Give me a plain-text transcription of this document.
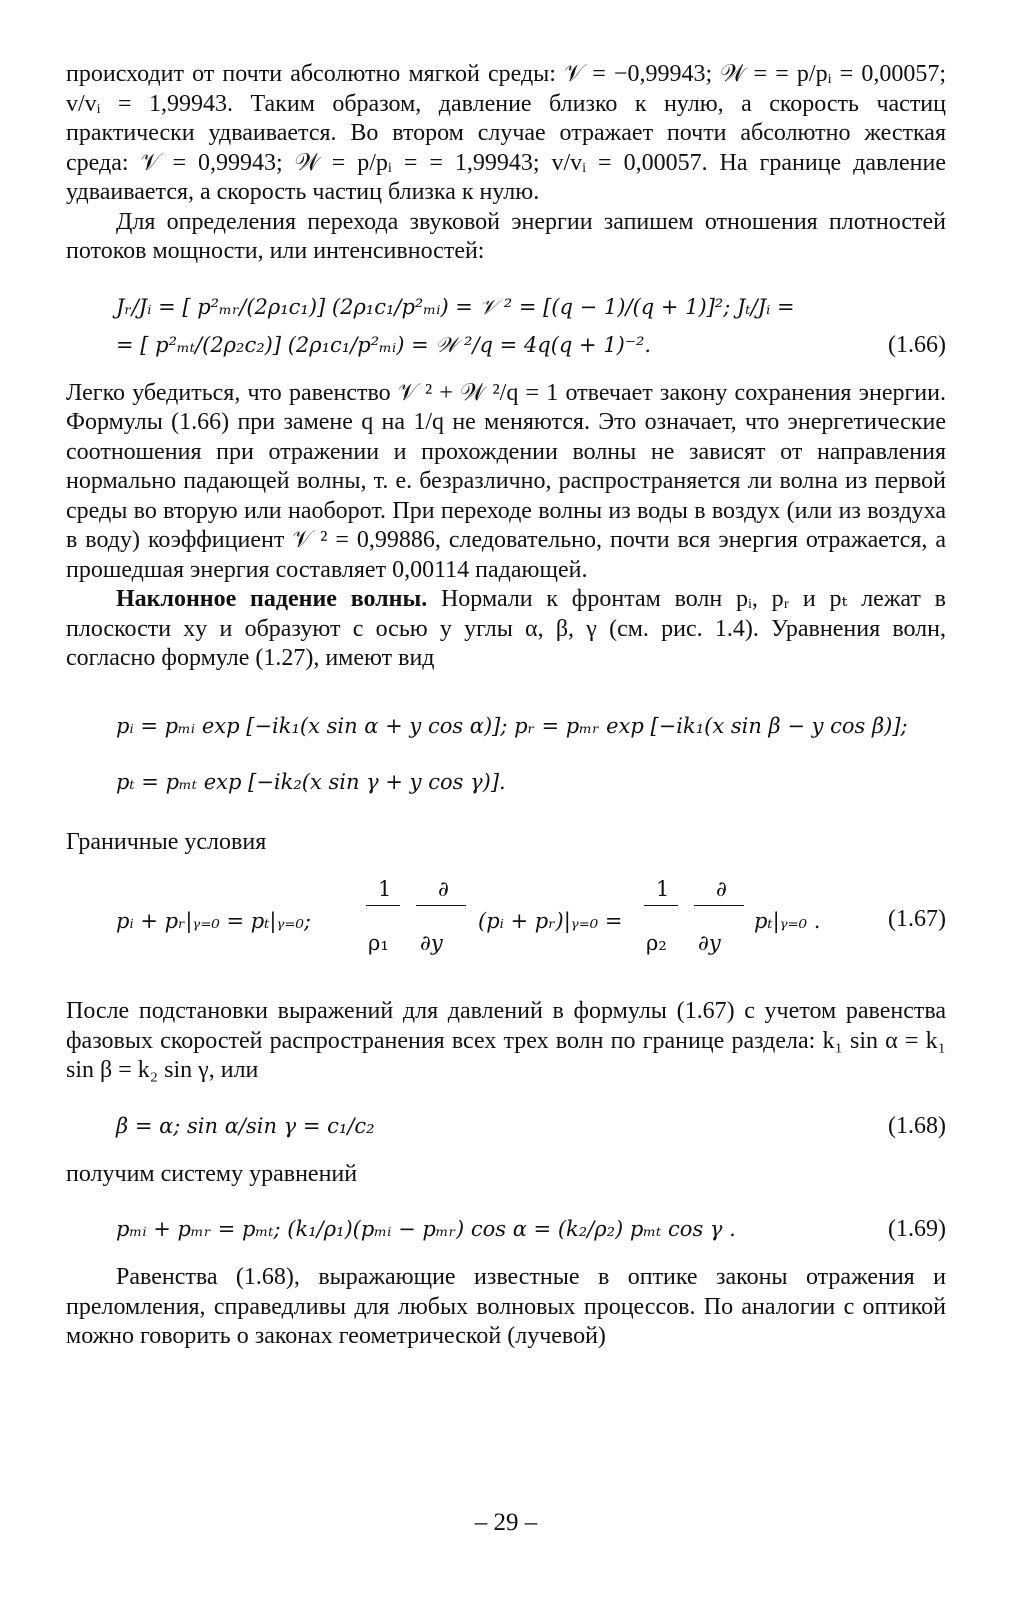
происходит от почти абсолютно мягкой среды: 𝒱 = −0,99943; 𝒲 = = p/pᵢ = 0,00057; v/vᵢ = 1,99943. Таким образом, давление близко к нулю, а скорость частиц практически удваивается. Во втором случае отражает почти абсолютно жесткая среда: 𝒱 = 0,99943; 𝒲 = p/pᵢ = = 1,99943; v/vᵢ = 0,00057. На границе давление удваивается, а скорость частиц близка к нулю.

Для определения перехода звуковой энергии запишем отношения плотностей потоков мощности, или интенсивностей:

Jᵣ/Jᵢ = [ p²ₘᵣ/(2ρ₁c₁)] (2ρ₁c₁/p²ₘᵢ) = 𝒱 ² = [(q − 1)/(q + 1)]²; Jₜ/Jᵢ =
= [ p²ₘₜ/(2ρ₂c₂)] (2ρ₁c₁/p²ₘᵢ) = 𝒲 ²/q = 4q(q + 1)⁻².	(1.66)

Легко убедиться, что равенство 𝒱 ² + 𝒲 ²/q = 1 отвечает закону сохранения энергии. Формулы (1.66) при замене q на 1/q не меняются. Это означает, что энергетические соотношения при отражении и прохождении волны не зависят от направления нормально падающей волны, т. е. безразлично, распространяется ли волна из первой среды во вторую или наоборот. При переходе волны из воды в воздух (или из воздуха в воду) коэффициент 𝒱 ² = 0,99886, следовательно, почти вся энергия отражается, а прошедшая энергия составляет 0,00114 падающей.

Наклонное падение волны. Нормали к фронтам волн pᵢ, pᵣ и pₜ лежат в плоскости xy и образуют с осью y углы α, β, γ (см. рис. 1.4). Уравнения волн, согласно формуле (1.27), имеют вид

pᵢ = pₘᵢ exp [−ik₁(x sin α + y cos α)]; pᵣ = pₘᵣ exp [−ik₁(x sin β − y cos β)];
pₜ = pₘₜ exp [−ik₂(x sin γ + y cos γ)].

Граничные условия

pᵢ + pᵣ|ᵧ₌₀ = pₜ|ᵧ₌₀;
1
ρ₁
∂
∂y
(pᵢ + pᵣ)|ᵧ₌₀ =
1
ρ₂
∂
∂y
pₜ|ᵧ₌₀ .	(1.67)

После подстановки выражений для давлений в формулы (1.67) с учетом равенства фазовых скоростей распространения всех трех волн по границе раздела: k₁ sin α = k₁ sin β = k₂ sin γ, или

β = α; sin α/sin γ = c₁/c₂	(1.68)

получим систему уравнений

pₘᵢ + pₘᵣ = pₘₜ; (k₁/ρ₁)(pₘᵢ − pₘᵣ) cos α = (k₂/ρ₂) pₘₜ cos γ .	(1.69)

Равенства (1.68), выражающие известные в оптике законы отражения и преломления, справедливы для любых волновых процессов. По аналогии с оптикой можно говорить о законах геометрической (лучевой)

– 29 –
